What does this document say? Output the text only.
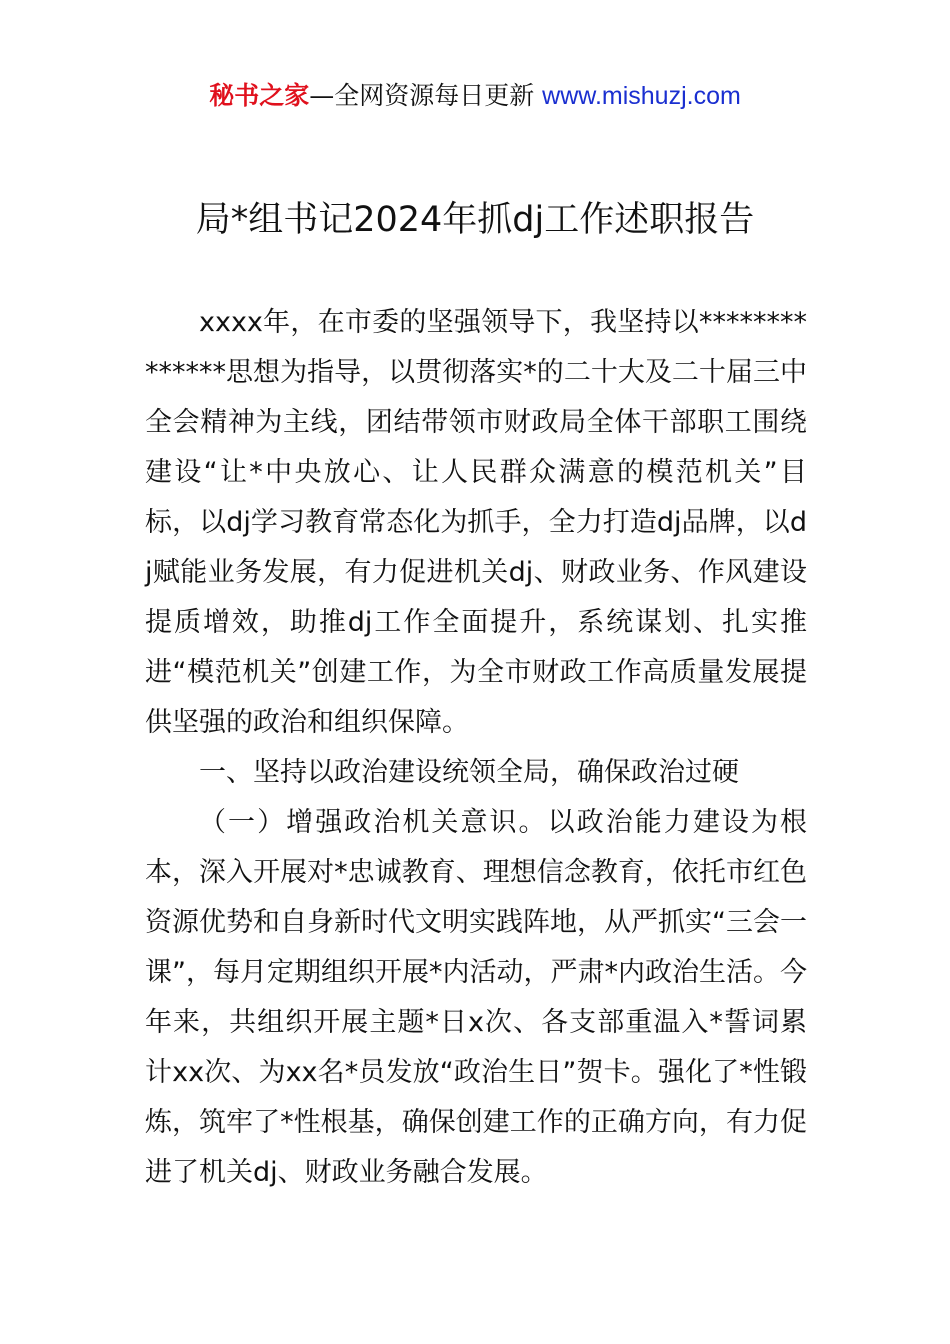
秘书之家—全网资源每日更新 www.mishuzj.com
局*组书记2024年抓dj工作述职报告

xxxx年，在市委的坚强领导下，我坚持以**************思想为指导，以贯彻落实*的二十大及二十届三中全会精神为主线，团结带领市财政局全体干部职工围绕建设“让*中央放心、让人民群众满意的模范机关”目标，以dj学习教育常态化为抓手，全力打造dj品牌，以dj赋能业务发展，有力促进机关dj、财政业务、作风建设提质增效，助推dj工作全面提升，系统谋划、扎实推进“模范机关”创建工作，为全市财政工作高质量发展提供坚强的政治和组织保障。

一、坚持以政治建设统领全局，确保政治过硬

（一）增强政治机关意识。以政治能力建设为根本，深入开展对*忠诚教育、理想信念教育，依托市红色资源优势和自身新时代文明实践阵地，从严抓实“三会一课”，每月定期组织开展*内活动，严肃*内政治生活。今年来，共组织开展主题*日x次、各支部重温入*誓词累计xx次、为xx名*员发放“政治生日”贺卡。强化了*性锻炼，筑牢了*性根基，确保创建工作的正确方向，有力促进了机关dj、财政业务融合发展。
